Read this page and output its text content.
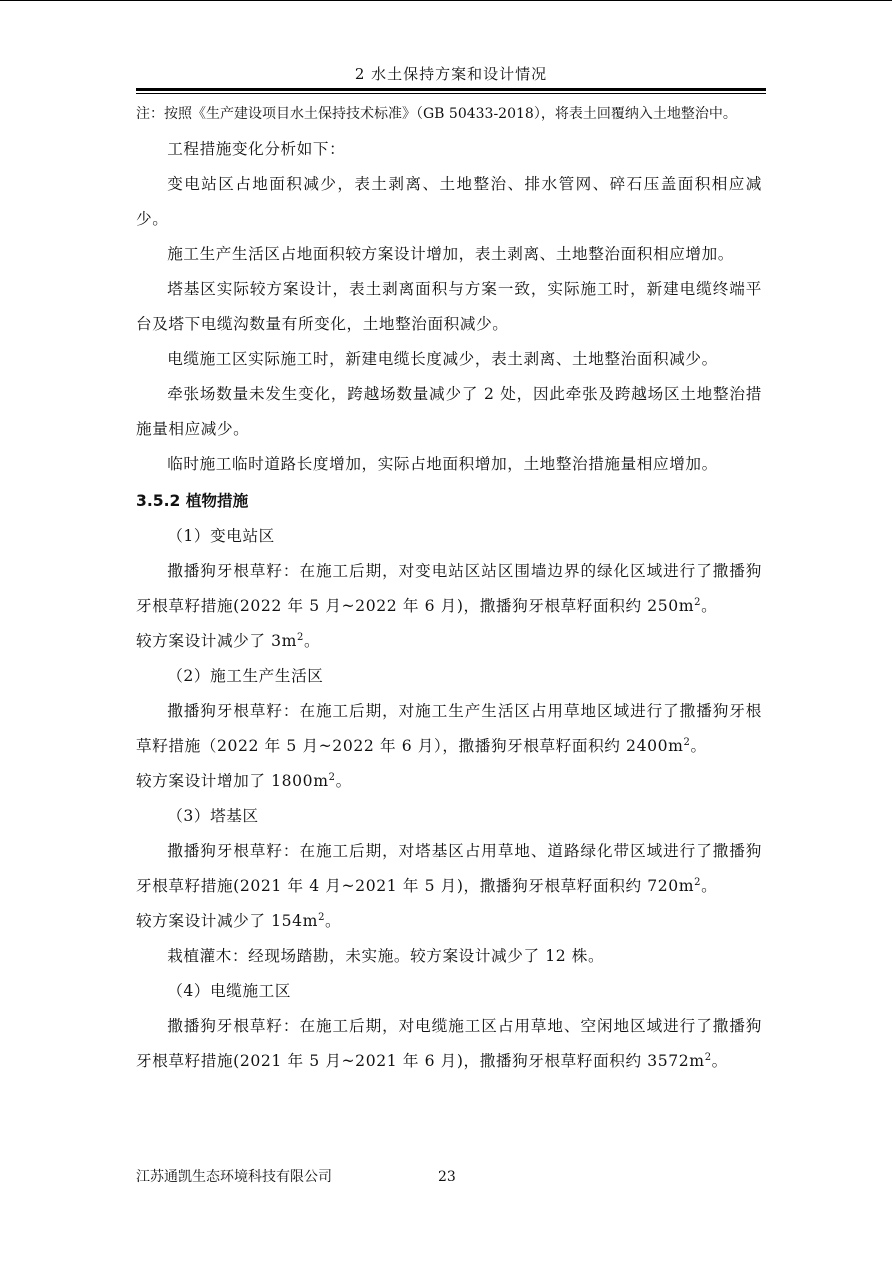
2 水土保持方案和设计情况

注：按照《生产建设项目水土保持技术标准》（GB 50433-2018），将表土回覆纳入土地整治中。

工程措施变化分析如下：

变电站区占地面积减少，表土剥离、土地整治、排水管网、碎石压盖面积相应减少。

施工生产生活区占地面积较方案设计增加，表土剥离、土地整治面积相应增加。

塔基区实际较方案设计，表土剥离面积与方案一致，实际施工时，新建电缆终端平台及塔下电缆沟数量有所变化，土地整治面积减少。

电缆施工区实际施工时，新建电缆长度减少，表土剥离、土地整治面积减少。

牵张场数量未发生变化，跨越场数量减少了 2 处，因此牵张及跨越场区土地整治措施量相应减少。

临时施工临时道路长度增加，实际占地面积增加，土地整治措施量相应增加。

3.5.2 植物措施
（1）变电站区

撒播狗牙根草籽：在施工后期，对变电站区站区围墙边界的绿化区域进行了撒播狗牙根草籽措施(2022 年 5 月~2022 年 6 月)，撒播狗牙根草籽面积约 $250m^2$。

较方案设计减少了 $3m^2$。

（2）施工生产生活区

撒播狗牙根草籽：在施工后期，对施工生产生活区占用草地区域进行了撒播狗牙根草籽措施（2022 年 5 月~2022 年 6 月），撒播狗牙根草籽面积约 $2400m^2$。

较方案设计增加了 $1800m^2$。

（3）塔基区

撒播狗牙根草籽：在施工后期，对塔基区占用草地、道路绿化带区域进行了撒播狗牙根草籽措施(2021 年 4 月~2021 年 5 月)，撒播狗牙根草籽面积约 $720m^2$。

较方案设计减少了 $154m^2$。

栽植灌木：经现场踏勘，未实施。较方案设计减少了 12 株。

（4）电缆施工区

撒播狗牙根草籽：在施工后期，对电缆施工区占用草地、空闲地区域进行了撒播狗牙根草籽措施(2021 年 5 月~2021 年 6 月)，撒播狗牙根草籽面积约 $3572m^2$。

江苏通凯生态环境科技有限公司	23
